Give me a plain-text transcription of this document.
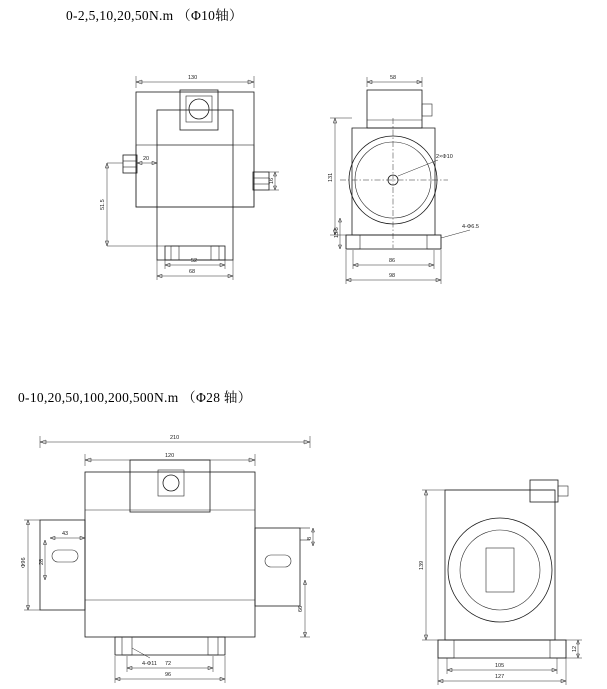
0-2,5,10,20,50N.m （Φ10轴）
130
20
51.5
16
52
68
58
2×Φ10
4-Φ6.5
131
13.5
86
98
0-10,20,50,100,200,500N.m （Φ28 轴）
210
120
4-Φ11
43
28
Φ96
8
66
72
96
139
12
105
127
